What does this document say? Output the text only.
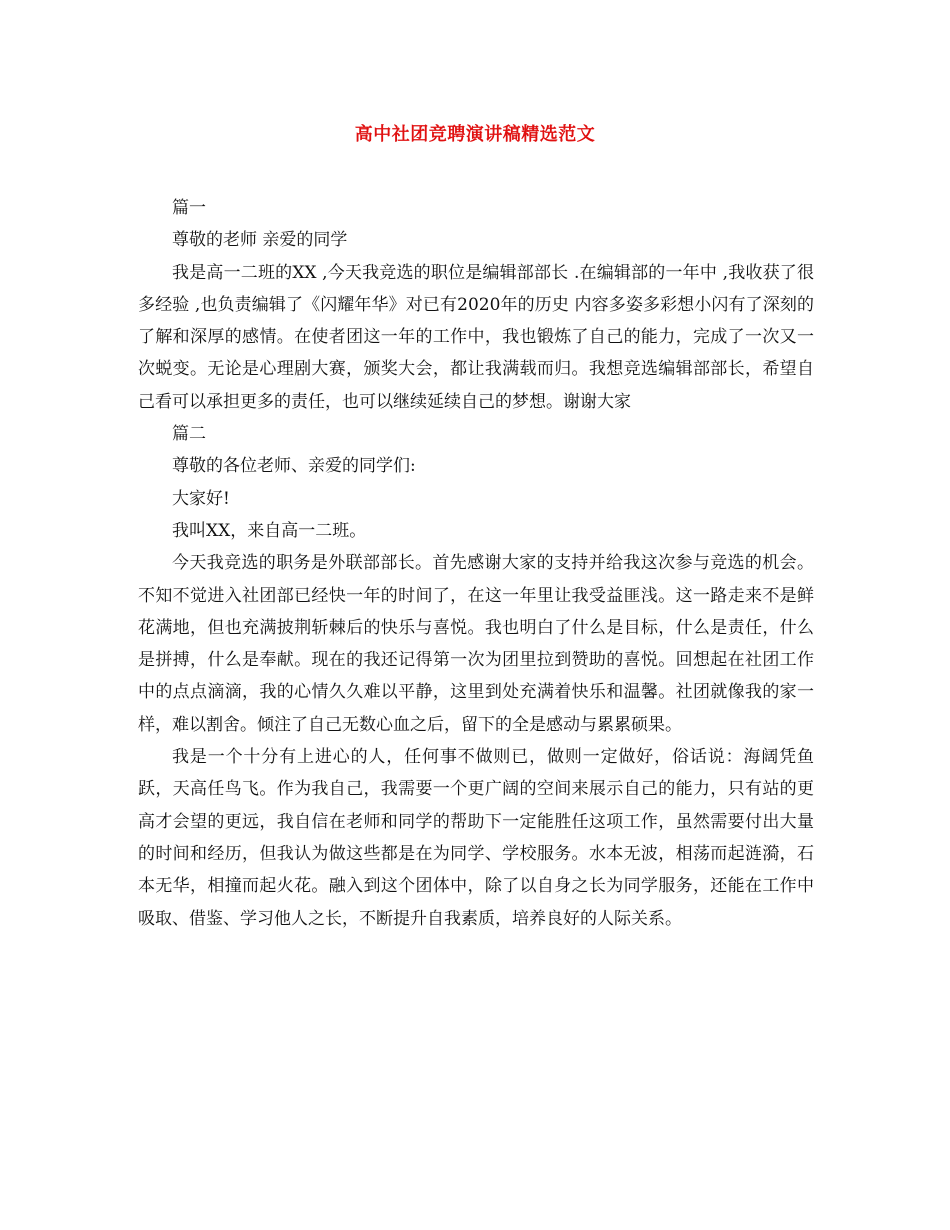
高中社团竞聘演讲稿精选范文

篇一

尊敬的老师 亲爱的同学

我是高一二班的XX ,今天我竞选的职位是编辑部部长 .在编辑部的一年中 ,我收获了很多经验 ,也负责编辑了《闪耀年华》对已有2020年的历史 内容多姿多彩想小闪有了深刻的了解和深厚的感情。在使者团这一年的工作中，我也锻炼了自己的能力，完成了一次又一次蜕变。无论是心理剧大赛，颁奖大会，都让我满载而归。我想竞选编辑部部长，希望自己看可以承担更多的责任，也可以继续延续自己的梦想。谢谢大家

篇二

尊敬的各位老师、亲爱的同学们:

大家好!

我叫XX，来自高一二班。

今天我竞选的职务是外联部部长。首先感谢大家的支持并给我这次参与竞选的机会。不知不觉进入社团部已经快一年的时间了，在这一年里让我受益匪浅。这一路走来不是鲜花满地，但也充满披荆斩棘后的快乐与喜悦。我也明白了什么是目标，什么是责任，什么是拼搏，什么是奉献。现在的我还记得第一次为团里拉到赞助的喜悦。回想起在社团工作中的点点滴滴，我的心情久久难以平静，这里到处充满着快乐和温馨。社团就像我的家一样，难以割舍。倾注了自己无数心血之后，留下的全是感动与累累硕果。

我是一个十分有上进心的人，任何事不做则已，做则一定做好，俗话说：海阔凭鱼跃，天高任鸟飞。作为我自己，我需要一个更广阔的空间来展示自己的能力，只有站的更高才会望的更远，我自信在老师和同学的帮助下一定能胜任这项工作，虽然需要付出大量的时间和经历，但我认为做这些都是在为同学、学校服务。水本无波，相荡而起涟漪，石本无华，相撞而起火花。融入到这个团体中，除了以自身之长为同学服务，还能在工作中吸取、借鉴、学习他人之长，不断提升自我素质，培养良好的人际关系。
